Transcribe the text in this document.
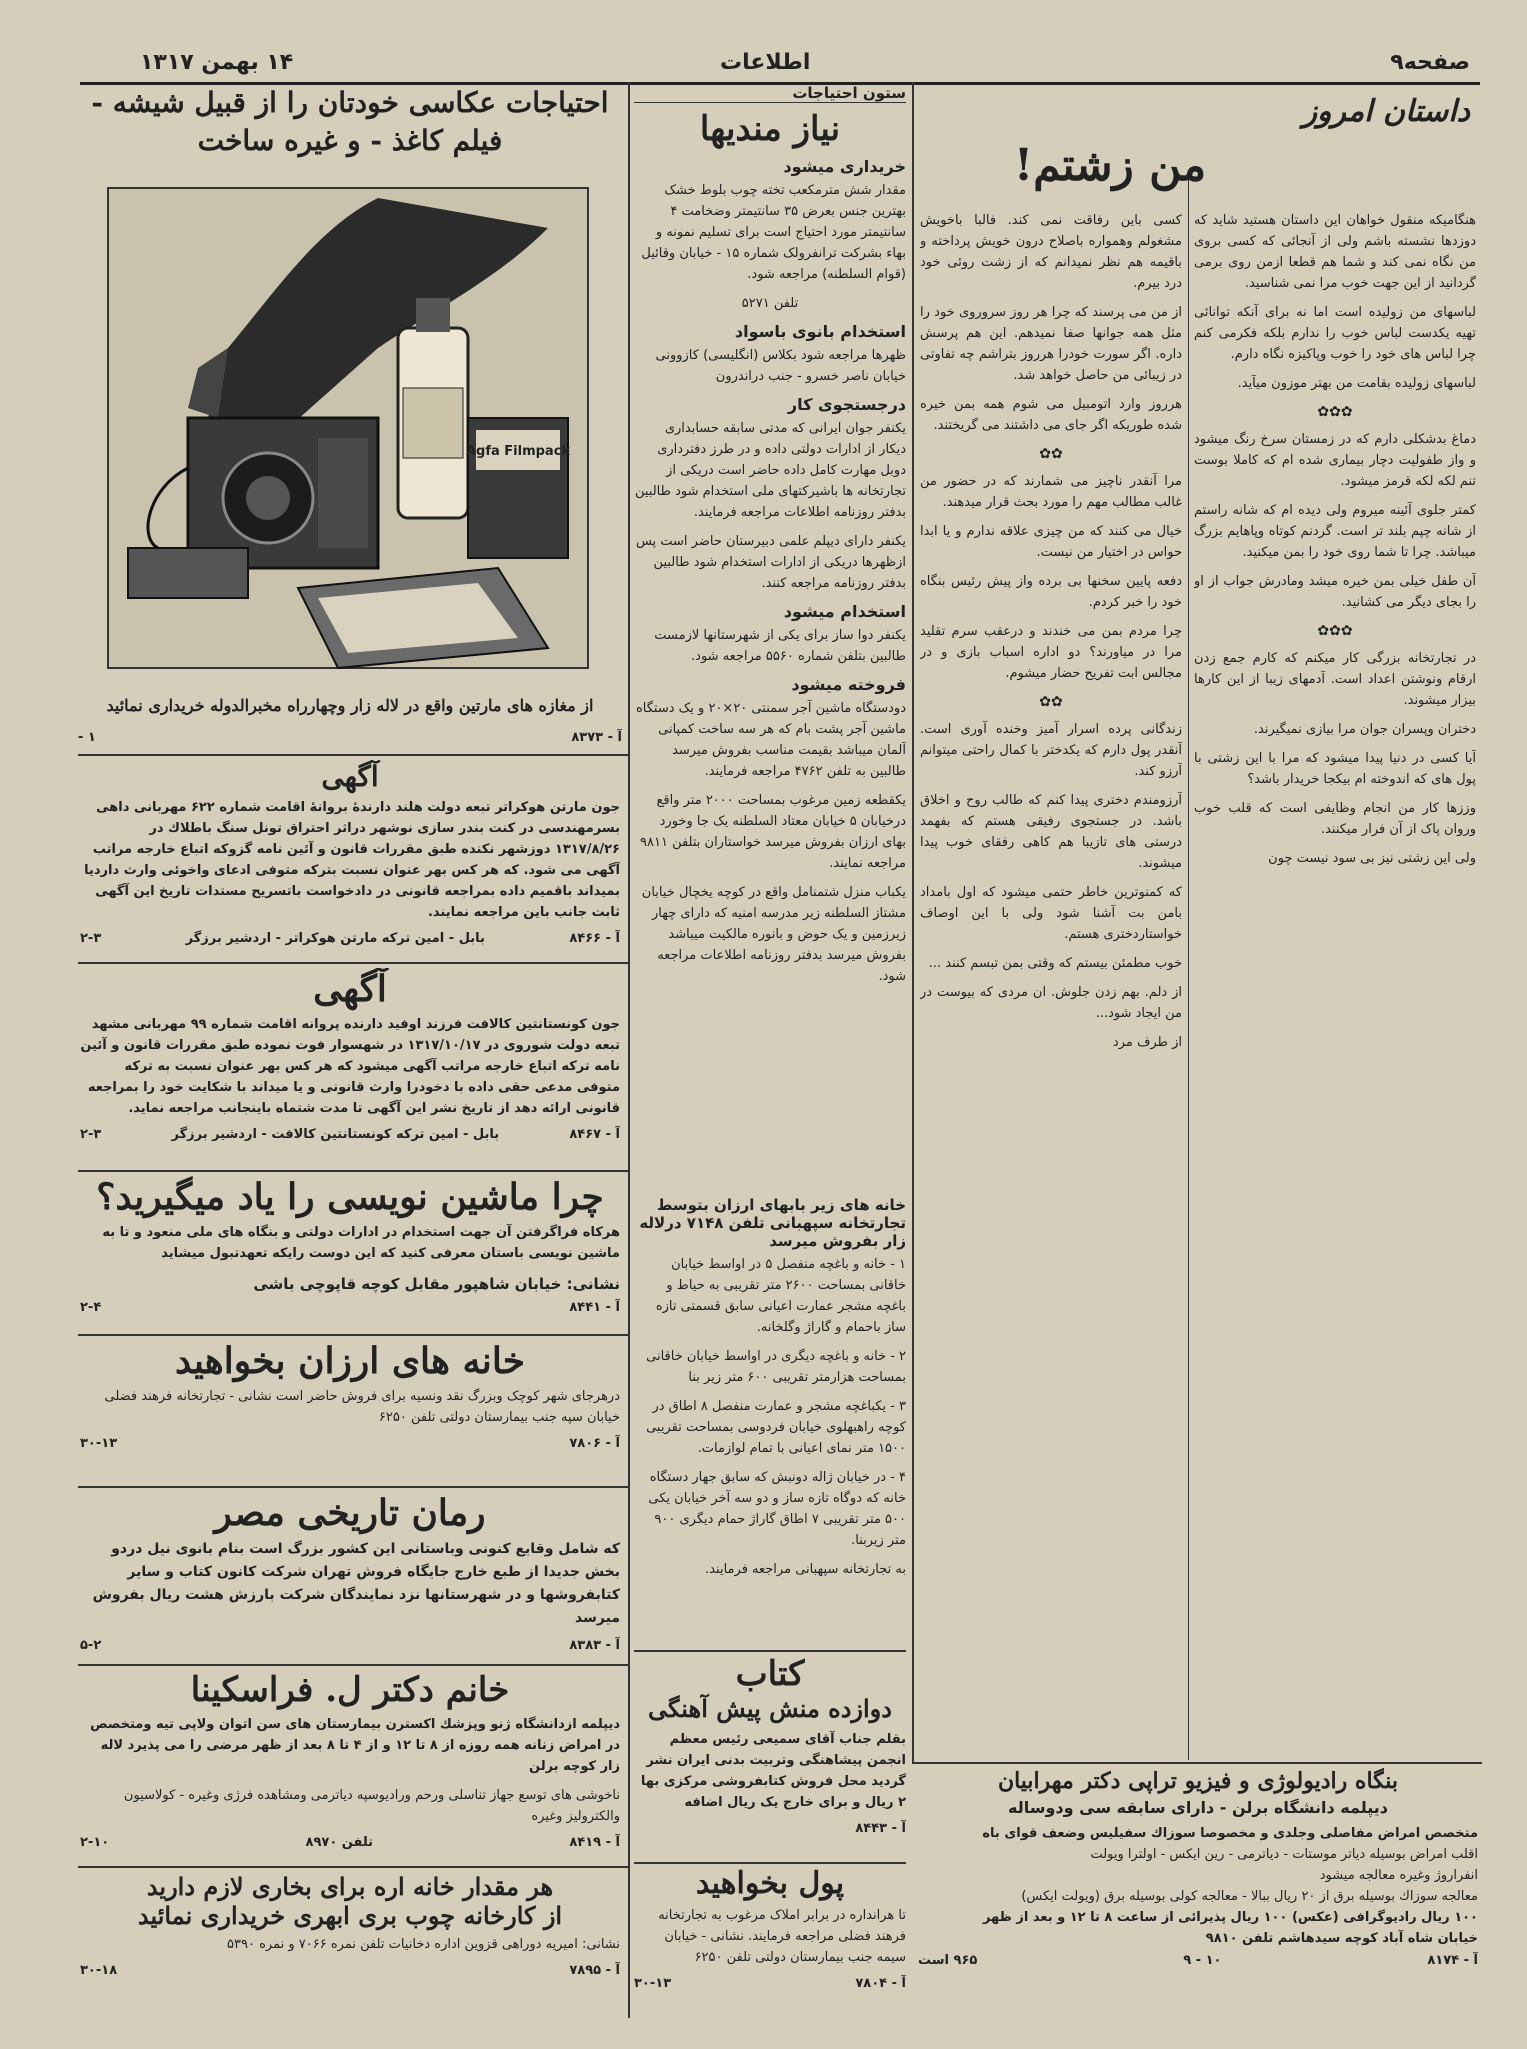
صفحه۹
اطلاعات
۱۴ بهمن ۱۳۱۷
داستان امروز
من زشتم!

هنگامیکه منقول خواهان این داستان هستید شاید که دوزدها نشسته باشم ولی از آنجائی که کسی بروی من نگاه نمی کند و شما هم قطعا ازمن روی برمی گردانید از این جهت خوب مرا نمی شناسید.

لباسهای من زولیده است اما نه برای آنکه توانائی تهیه یکدست لباس خوب را ندارم بلکه فکرمی کنم چرا لباس های خود را خوب وپاکیزه نگاه دارم.

لباسهای زولیده بقامت من بهتر موزون میآید.

✿✿✿

دماغ بدشکلی دارم که در زمستان سرخ رنگ میشود و واز طفولیت دچار بیماری شده ام که کاملا بوست تنم لکه لکه قرمز میشود.

کمتر جلوی آئینه میروم ولی دیده ام که شانه راستم از شانه چپم بلند تر است. گردنم کوتاه وپاهایم بزرگ میباشد. چرا تا شما روی خود را بمن میکنید.

آن طفل خیلی بمن خیره میشد ومادرش جواب از او را بجای دیگر می کشانید.

✿✿✿

در تجارتخانه بزرگی کار میکنم که کارم جمع زدن ارقام ونوشتن اعداد است. آدمهای زیبا از این کارها بیزار میشوند.

دختران وپسران جوان مرا بیازی نمیگیرند.

آیا کسی در دنیا پیدا میشود که مرا با این زشتی با پول های که اندوخته ام بیکجا خریدار باشد؟

وززها کار من انجام وظایفی است که قلب خوب وروان پاک از آن فرار میکنند.

ولی این زشتی نیز بی سود نیست چون

کسی باین رفاقت نمی کند. فالبا باخویش مشغولم وهمواره باصلاح درون خویش پرداخته و باقیمه هم نظر نمیدانم که از زشت روئی خود درد بیرم.

از من می پرسند که چرا هر روز سروروی خود را مثل همه جوانها صفا نمیدهم. این هم پرسش داره. اگر سورت خودرا هرروز بتراشم چه تفاوتی در زیبائی من حاصل خواهد شد.

هرروز وارد اتومبیل می شوم همه بمن خیره شده طوریکه اگر جای می داشتند می گریختند.

✿✿

مرا آنقدر ناچیز می شمارند که در حضور من غالب مطالب مهم را مورد بحث قرار میدهند.

خیال می کنند که من چیزی علاقه ندارم و یا ابدا حواس در اختیار من نیست.

دفعه پایین سخنها بی برده واز پیش رئیس بنگاه خود را خبر کردم.

چرا مردم بمن می خندند و درعقب سرم تقلید مرا در میاورند؟ دو اداره اسباب بازی و در مجالس ابت تفریح حضار میشوم.

✿✿

زندگانی پرده اسرار آمیز وخنده آوری است. آنقدر پول دارم که یکدختر با کمال راحتی میتوانم آرزو کند.

آرزومندم دختری پیدا کنم که طالب روح و اخلاق باشد. در جستجوی رفیقی هستم که بفهمد درستی های تازیبا هم کاهی رفقای خوب پیدا میشوند.

که کمنوترین خاطر حتمی میشود که اول بامداد بامن بت آشنا شود ولی با این اوصاف خواستاردختری هستم.

خوب مطمئن بیستم که وقتی بمن تبسم کنند ...

از دلم. بهم زدن جلوش. ان مردی که بیوست در من ایجاد شود...

از طرف مرد

بنگاه رادیولوژی و فیزیو تراپی دکتر مهرابیان
دیپلمه دانشگاه برلن - دارای سابقه سی ودوساله
متخصص امراض مفاصلی وجلدی و مخصوصا سوزاك سفیلیس وضعف قوای باه
اقلب امراض بوسیله دیاتر موستات - دیاترمی - رین ایکس - اولترا ویولت
انفراروژ وغیره معالجه میشود
معالجه سوزاك بوسیله برق از ۲۰ ریال ببالا - معالجه کولی بوسیله برق (ویولت ایکس)
۱۰۰ ریال رادیوگرافی (عکس) ۱۰۰ ریال پذیرائی از ساعت ۸ تا ۱۲ و بعد از ظهر
خیابان شاه آباد کوچه سیدهاشم تلفن ۹۸۱۰
آ - ۸۱۷۴
۱۰ - ۹
۹۶۵ است
ستون احتیاجات
نیاز مندیها
خریداری میشود

مقدار شش مترمکعب تخته چوب بلوط خشک بهترین جنس بعرض ۳۵ سانتیمتر وضخامت ۴ سانتیمتر مورد احتیاج است برای تسلیم نمونه و بهاء بشرکت ترانفرولک شماره ۱۵ - خیابان وقائیل (قوام السلطنه) مراجعه شود.

تلفن ۵۲۷۱

استخدام بانوی باسواد

ظهرها مراجعه شود بکلاس (انگلیسی) کازوونی خیابان ناصر خسرو - جنب دراندرون

درجستجوی کار

یکنفر جوان ایرانی که مدتی سابقه حسابداری دیکار از ادارات دولتی داده و در طرز دفترداری دوبل مهارت کامل داده حاضر است دریکی از تجارتخانه ها باشیرکتهای ملی استخدام شود طالبین بدفتر روزنامه اطلاعات مراجعه فرمایند.

یکنفر دارای دیپلم علمی دبیرستان حاضر است پس ازظهرها دریکی از ادارات استخدام شود طالبین بدفتر روزنامه مراجعه کنند.

استخدام میشود

یکنفر دوا ساز برای یکی از شهرستانها لازمست طالبین بتلفن شماره ۵۵۶۰ مراجعه شود.

فروخته میشود

دودستگاه ماشین آجر سمنتی ۲۰×۲۰ و یک دستگاه ماشین آجر پشت بام که هر سه ساخت کمپانی آلمان میباشد بقیمت مناسب بفروش میرسد طالبین به تلفن ۴۷۶۲ مراجعه فرمایند.

یکقطعه زمین مرغوب بمساحت ۲۰۰۰ متر واقع درخیابان ۵ خیابان معتاد السلطنه یک جا وخورد بهای ارزان بفروش میرسد خواستاران بتلفن ۹۸۱۱ مراجعه نمایند.

یکباب منزل شتمنامل واقع در کوچه یخچال خیابان مشتاز السلطنه زیر مدرسه امنیه که دارای چهار زیرزمین و یک حوض و بانوره مالکیت میباشد بفروش میرسد بدفتر روزنامه اطلاعات مراجعه شود.

خانه های زیر بابهای ارزان بتوسط تجارتخانه سپهبانی تلفن ۷۱۴۸ درلاله زار بفروش میرسد

۱ - خانه و باغچه منفصل ۵ در اواسط خیابان خاقانی بمساحت ۲۶۰۰ متر تقریبی به حیاط و باغچه مشجر عمارت اعیانی سابق قسمتی تازه ساز باحمام و گاراژ وگلخانه.

۲ - خانه و باغچه دیگری در اواسط خیابان خاقانی بمساحت هزارمتر تقریبی ۶۰۰ متر زیر بنا

۳ - یکباغچه مشجر و عمارت منفصل ۸ اطاق در کوچه راهبهلوی خیابان فردوسی بمساحت تقریبی ۱۵۰۰ متر نمای اعیانی با تمام لوازمات.

۴ - در خیابان ژاله دونبش که سابق جهار دستگاه خانه که دوگاه تازه ساز و دو سه آخر خیابان یکی ۵۰۰ متر تقریبی ۷ اطاق گاراژ حمام دیگری ۹۰۰ متر زیربنا.

به تجارتخانه سپهبانی مراجعه فرمایند.

کتاب
دوازده منش پیش آهنگی

بقلم جناب آقای سمیعی رئیس معظم انجمن پیشاهنگی وتربیت بدنی ایران نشر گردید محل فروش کتابفروشی مرکزی بها ۲ ریال و برای خارج یک ریال اضافه

آ - ۸۴۴۳
پول بخواهید

تا هرانداره در برابر املاک مرغوب به تجارتخانه فرهند فضلی مراجعه فرمایند. نشانی - خیابان سیمه جنب بیمارستان دولتی تلفن ۶۲۵۰

آ - ۷۸۰۴
۳۰-۱۳
احتیاجات عکاسی خودتان را از قبیل شیشه - فیلم کاغذ - و غیره ساخت
Agfa Filmpack
از مغازه های مارتین واقع در لاله زار وچهارراه مخبرالدوله خریداری نمائید
آ - ۸۳۷۳
۱ -
آگهی

جون مارتن هوکراتر تبعه دولت هلند دارندهٔ بروانهٔ اقامت شماره ۶۲۲ مهربانی داهی بسرمهندسی در کنت بندر سازی نوشهر دراثر احتراق تونل سنگ باطلاك در ۱۳۱۷/۸/۲۶ دوزشهر نکنده طبق مقررات قانون و آئین نامه گزوكه اتباع خارجه مراتب آگهی می شود. که هر کس بهر عنوان نسبت بترکه متوفی ادعای واخوئی وارث داردیا بميداند باقمیم داده بمراجعه قانونی در دادخواست باتسریح مستدات تاریخ این آگهی ثابت جانب باین مراجعه نمایند.

آ - ۸۴۶۶
بابل - امین ترکه مارتن هوکراتر - اردشیر برزگر
۲-۳
آگهی

جون كونستانتین کالافت فرزند اوفید دارنده پروانه اقامت شماره ۹۹ مهربانی مشهد تبعه دولت شوروی در ۱۳۱۷/۱۰/۱۷ در شهسوار فوت نموده طبق مقررات قانون و آئین نامه ترکه اتباع خارجه مراتب آگهی میشود که هر کس بهر عنوان نسبت به ترکه متوفی مدعی حقی داده با دخودرا وارث قانونی و یا میداند با شکایت خود را بمراجعه قانونی ارائه دهد از تاریخ نشر این آگهی تا مدت شتماه باینجانب مراجعه نماید.

آ - ۸۴۶۷
بابل - امین ترکه کونستانتین کالافت - اردشیر برزگر
۲-۳
چرا ماشین نویسی را یاد میگیرید؟

هرکاه فراگرفتن آن جهت استخدام در ادارات دولتی و بنگاه های ملی منعود و تا به ماشین نویسی باستان معرفی کنید که این دوست رایکه تعهدتبول میشاید

نشانی: خیابان شاهپور مقابل کوچه قاپوچی باشی
آ - ۸۴۴۱
۲-۴
خانه های ارزان بخواهید

درهرجای شهر کوچک وبزرگ نقد ونسیه برای فروش حاضر است نشانی - تجارتخانه فرهند فضلی خیابان سپه جنب بیمارستان دولتی تلفن ۶۲۵۰

آ - ۷۸۰۶
۳۰-۱۳
رمان تاریخی مصر

که شامل وقایع کنونی وباستانی این کشور بزرگ است بنام بانوی نیل دردو بخش جدیدا از طبع خارج جایگاه فروش تهران شرکت کانون کتاب و سایر کتابفروشها و در شهرستانها نزد نمایندگان شرکت بارزش هشت ریال بفروش میرسد

آ - ۸۳۸۳
۵-۲
خانم دکتر ل. فراسکینا

دیپلمه ازدانشگاه ژنو وپزشك اکسترن بیمارستان های سن اتوان ولاپی تیه ومتخصص در امراض زنانه همه روزه از ۸ تا ۱۲ و از ۴ تا ۸ بعد از ظهر مرضی را می پذیرد لاله زار کوچه برلن

ناخوشی های توسع جهاز تناسلی ورحم ورادیوسپه دیاترمی ومشاهده فرژی وغیره - کولاسیون والکترولیز وغیره

آ - ۸۴۱۹
تلفن ۸۹۷۰
۲-۱۰
هر مقدار خانه اره برای بخاری لازم دارید
از کارخانه چوب بری ابهری خریداری نمائید

نشانی: امیریه دوراهی قزوین اداره دخانیات تلفن نمره ۷۰۶۶ و نمره ۵۳۹۰

آ - ۷۸۹۵
۳۰-۱۸
